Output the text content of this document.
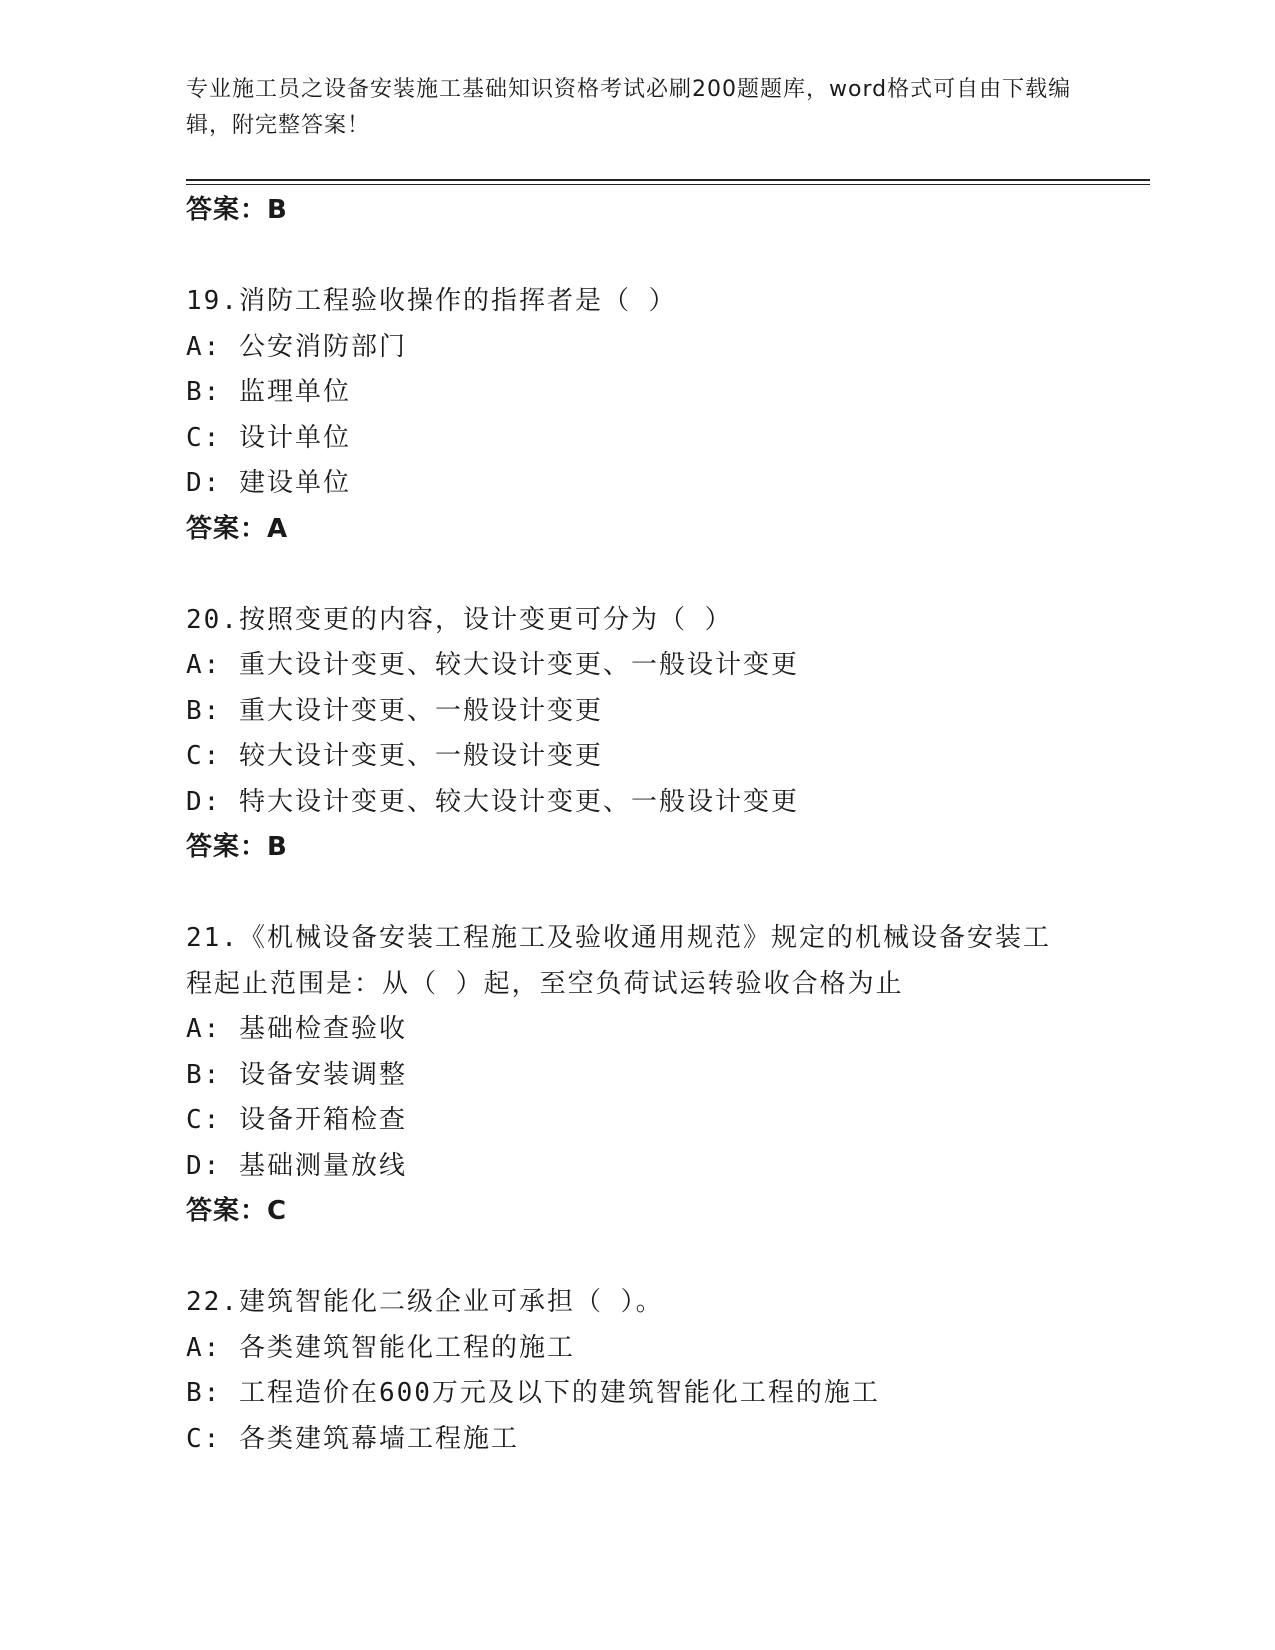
专业施工员之设备安装施工基础知识资格考试必刷200题题库，word格式可自由下载编辑，附完整答案！
答案：B
19.消防工程验收操作的指挥者是（ ）
A: 公安消防部门
B: 监理单位
C: 设计单位
D: 建设单位
答案：A
20.按照变更的内容，设计变更可分为（ ）
A: 重大设计变更、较大设计变更、一般设计变更
B: 重大设计变更、一般设计变更
C: 较大设计变更、一般设计变更
D: 特大设计变更、较大设计变更、一般设计变更
答案：B
21.《机械设备安装工程施工及验收通用规范》规定的机械设备安装工程起止范围是：从（ ）起，至空负荷试运转验收合格为止
A: 基础检查验收
B: 设备安装调整
C: 设备开箱检查
D: 基础测量放线
答案：C
22.建筑智能化二级企业可承担（ ）。
A: 各类建筑智能化工程的施工
B: 工程造价在600万元及以下的建筑智能化工程的施工
C: 各类建筑幕墙工程施工
